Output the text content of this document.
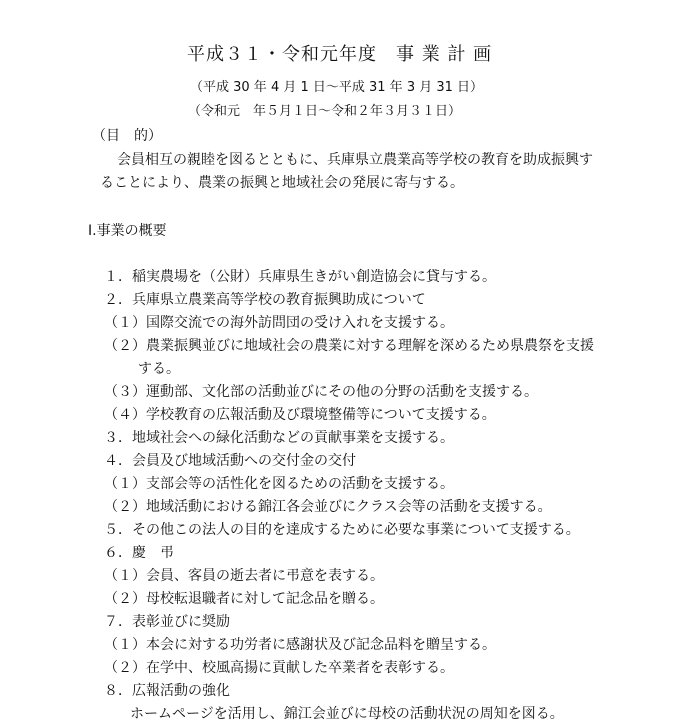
平成３１・令和元年度　事 業 計 画
（平成 30 年 4 月 1 日〜平成 31 年 3 月 31 日）
（令和元　年５月１日〜令和２年３月３１日）
（目　的）
会員相互の親睦を図るとともに、兵庫県立農業高等学校の教育を助成振興す
ることにより、農業の振興と地域社会の発展に寄与する。
Ⅰ.事業の概要
１．稲実農場を（公財）兵庫県生きがい創造協会に貸与する。
２．兵庫県立農業高等学校の教育振興助成について
（１）国際交流での海外訪問団の受け入れを支援する。
（２）農業振興並びに地域社会の農業に対する理解を深めるため県農祭を支援
する。
（３）運動部、文化部の活動並びにその他の分野の活動を支援する。
（４）学校教育の広報活動及び環境整備等について支援する。
３．地域社会への緑化活動などの貢献事業を支援する。
４．会員及び地域活動への交付金の交付
（１）支部会等の活性化を図るための活動を支援する。
（２）地域活動における錦江各会並びにクラス会等の活動を支援する。
５．その他この法人の目的を達成するために必要な事業について支援する。
６．慶　弔
（１）会員、客員の逝去者に弔意を表する。
（２）母校転退職者に対して記念品を贈る。
７．表彰並びに奨励
（１）本会に対する功労者に感謝状及び記念品料を贈呈する。
（２）在学中、校風高揚に貢献した卒業者を表彰する。
８．広報活動の強化
ホームページを活用し、錦江会並びに母校の活動状況の周知を図る。
